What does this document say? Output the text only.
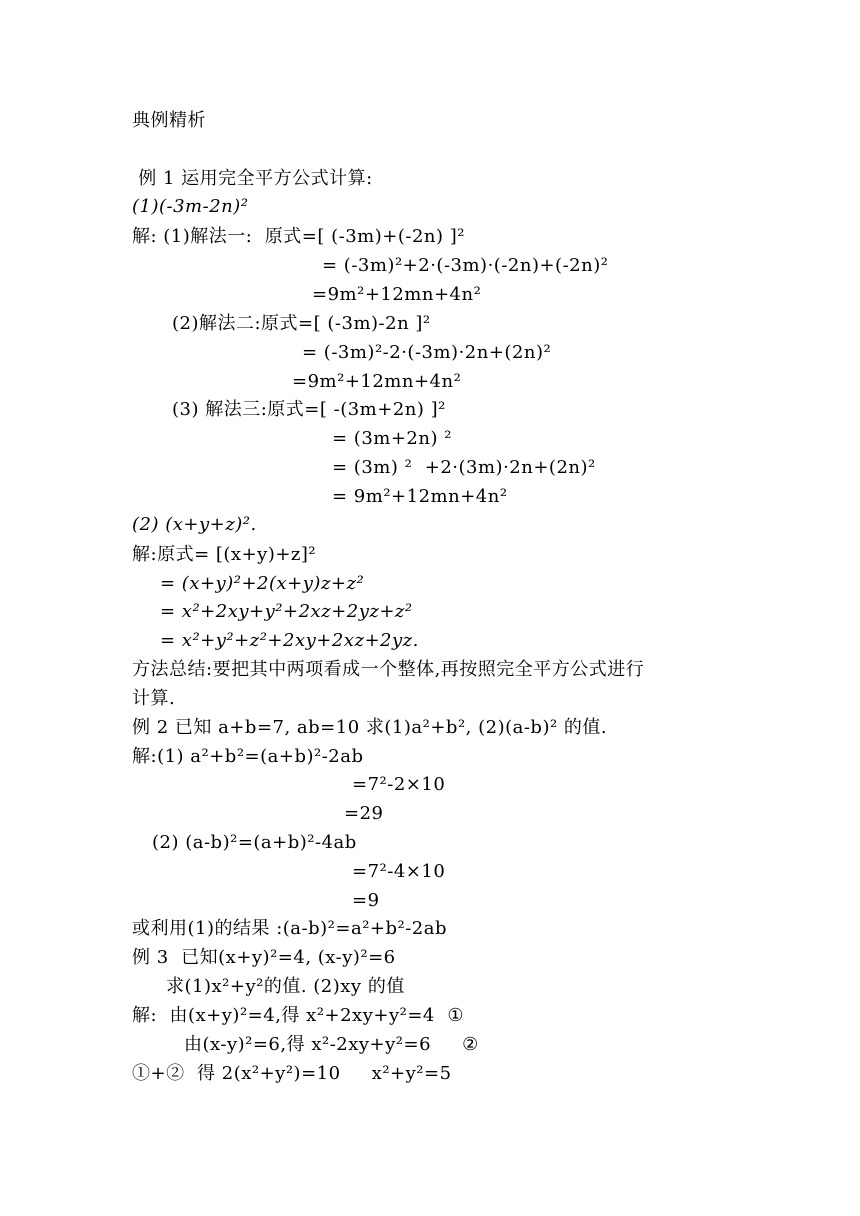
典例精析
例 1 运用完全平方公式计算:
(1)(-3m-2n)²
解: (1)解法一:  原式=[ (-3m)+(-2n) ]²
= (-3m)²+2·(-3m)·(-2n)+(-2n)²
=9m²+12mn+4n²
(2)解法二:原式=[ (-3m)-2n ]²
= (-3m)²-2·(-3m)·2n+(2n)²
=9m²+12mn+4n²
(3) 解法三:原式=[ -(3m+2n) ]²
= (3m+2n) ²
= (3m) ²  +2·(3m)·2n+(2n)²
= 9m²+12mn+4n²
(2) (x+y+z)².
解:原式= [(x+y)+z]²
= (x+y)²+2(x+y)z+z²
= x²+2xy+y²+2xz+2yz+z²
= x²+y²+z²+2xy+2xz+2yz.
方法总结:要把其中两项看成一个整体,再按照完全平方公式进行
计算.
例 2 已知 a+b=7, ab=10 求(1)a²+b², (2)(a-b)² 的值.
解:(1) a²+b²=(a+b)²-2ab
=7²-2×10
=29
(2) (a-b)²=(a+b)²-4ab
=7²-4×10
=9
或利用(1)的结果 :(a-b)²=a²+b²-2ab
例 3  已知(x+y)²=4, (x-y)²=6
求(1)x²+y²的值. (2)xy 的值
解:  由(x+y)²=4,得 x²+2xy+y²=4  ①
由(x-y)²=6,得 x²-2xy+y²=6     ②
①+②  得 2(x²+y²)=10     x²+y²=5
